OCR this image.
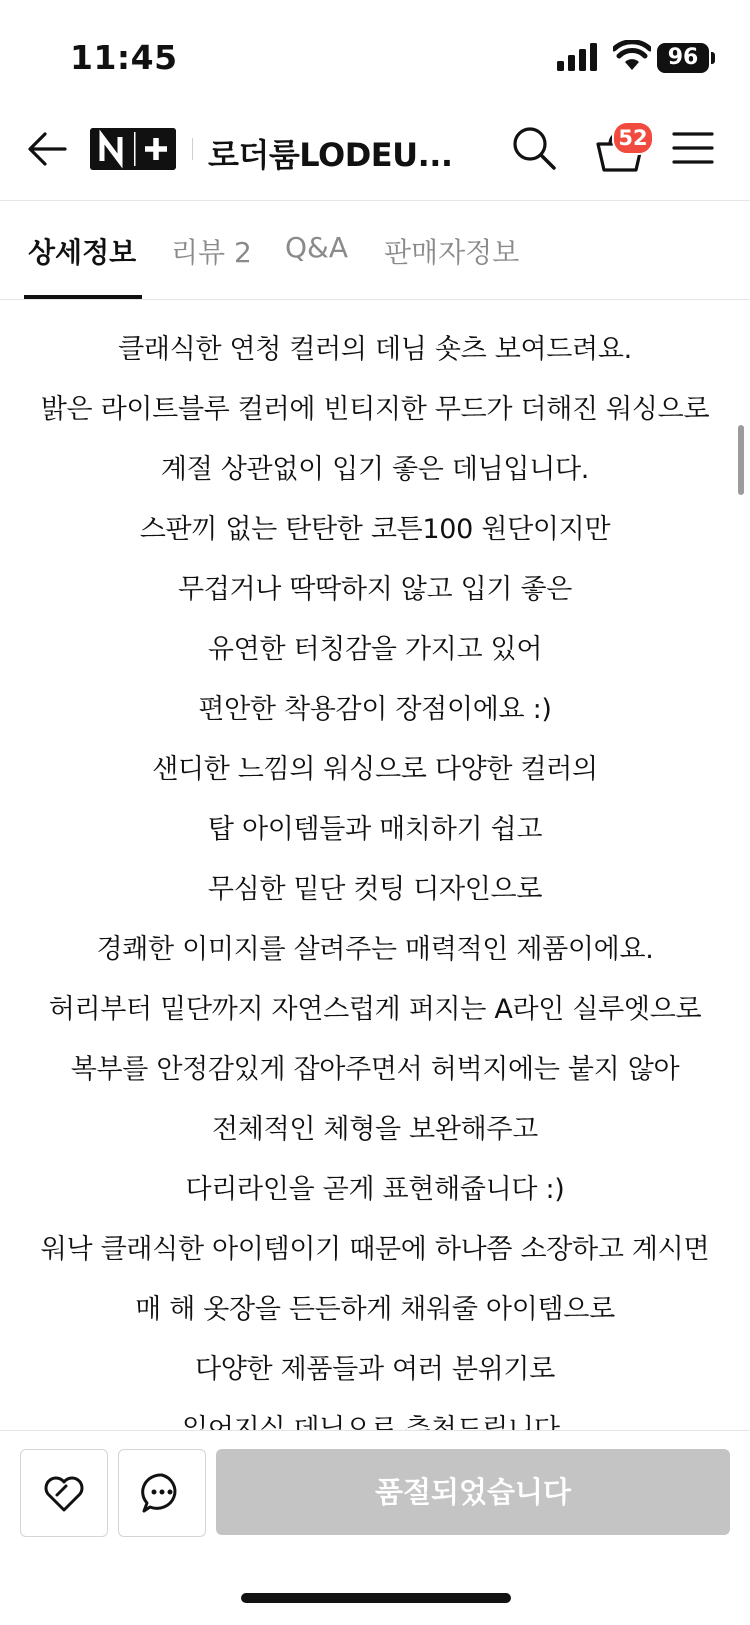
11:45	96
로더룸LODEU...	52
상세정보 리뷰 2 Q&A 판매자정보
클래식한 연청 컬러의 데님 숏츠 보여드려요.
밝은 라이트블루 컬러에 빈티지한 무드가 더해진 워싱으로
계절 상관없이 입기 좋은 데님입니다.
스판끼 없는 탄탄한 코튼100 원단이지만
무겁거나 딱딱하지 않고 입기 좋은
유연한 터칭감을 가지고 있어
편안한 착용감이 장점이에요 :)
샌디한 느낌의 워싱으로 다양한 컬러의
탑 아이템들과 매치하기 쉽고
무심한 밑단 컷팅 디자인으로
경쾌한 이미지를 살려주는 매력적인 제품이에요.
허리부터 밑단까지 자연스럽게 퍼지는 A라인 실루엣으로
복부를 안정감있게 잡아주면서 허벅지에는 붙지 않아
전체적인 체형을 보완해주고
다리라인을 곧게 표현해줍니다 :)
워낙 클래식한 아이템이기 때문에 하나쯤 소장하고 계시면
매 해 옷장을 든든하게 채워줄 아이템으로
다양한 제품들과 여러 분위기로
품절되었습니다
